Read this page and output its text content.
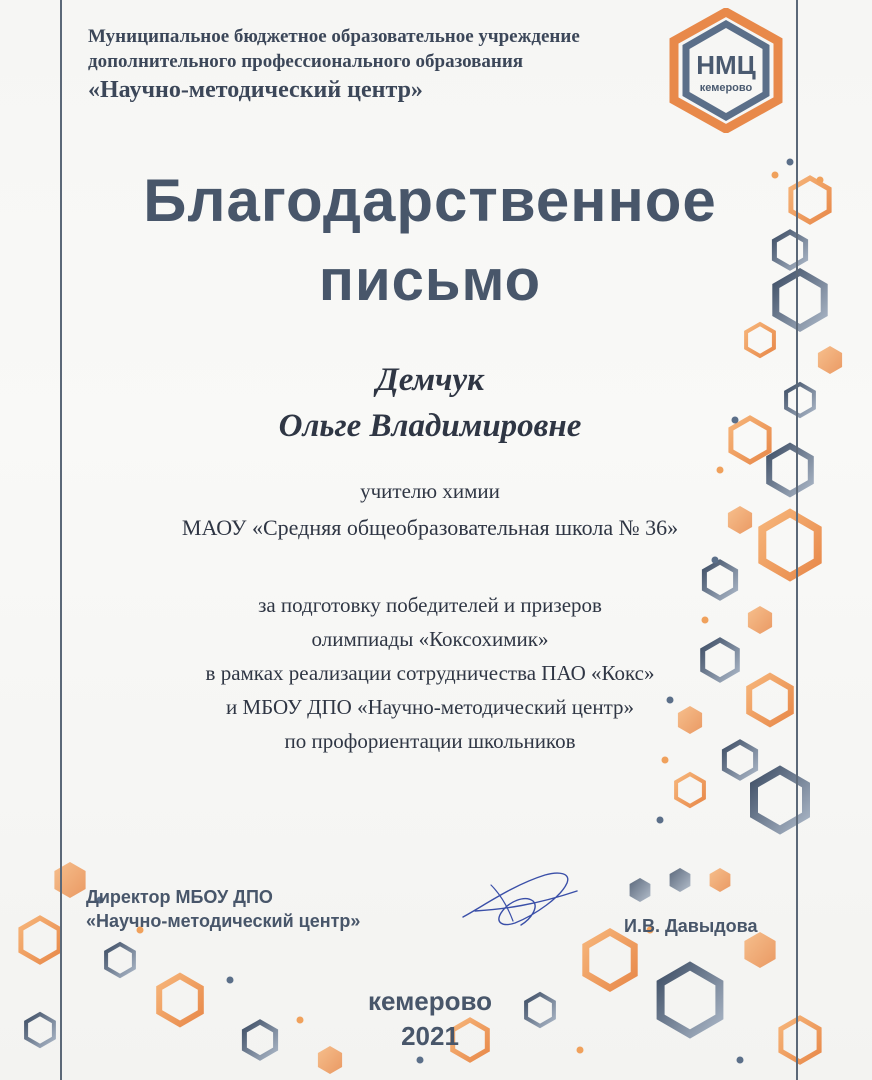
Муниципальное бюджетное образовательное учреждение
дополнительного профессионального образования
«Научно-методический центр»
НМЦ
кемерово
Благодарственное
письмо
Демчук
Ольге Владимировне
учителю химии
МАОУ «Средняя общеобразовательная школа № 36»
за подготовку победителей и призеров
олимпиады «Коксохимик»
в рамках реализации сотрудничества ПАО «Кокс»
и МБОУ ДПО «Научно-методический центр»
по профориентации школьников
Директор МБОУ ДПО
«Научно-методический центр»	И.В. Давыдова
кемерово
2021
